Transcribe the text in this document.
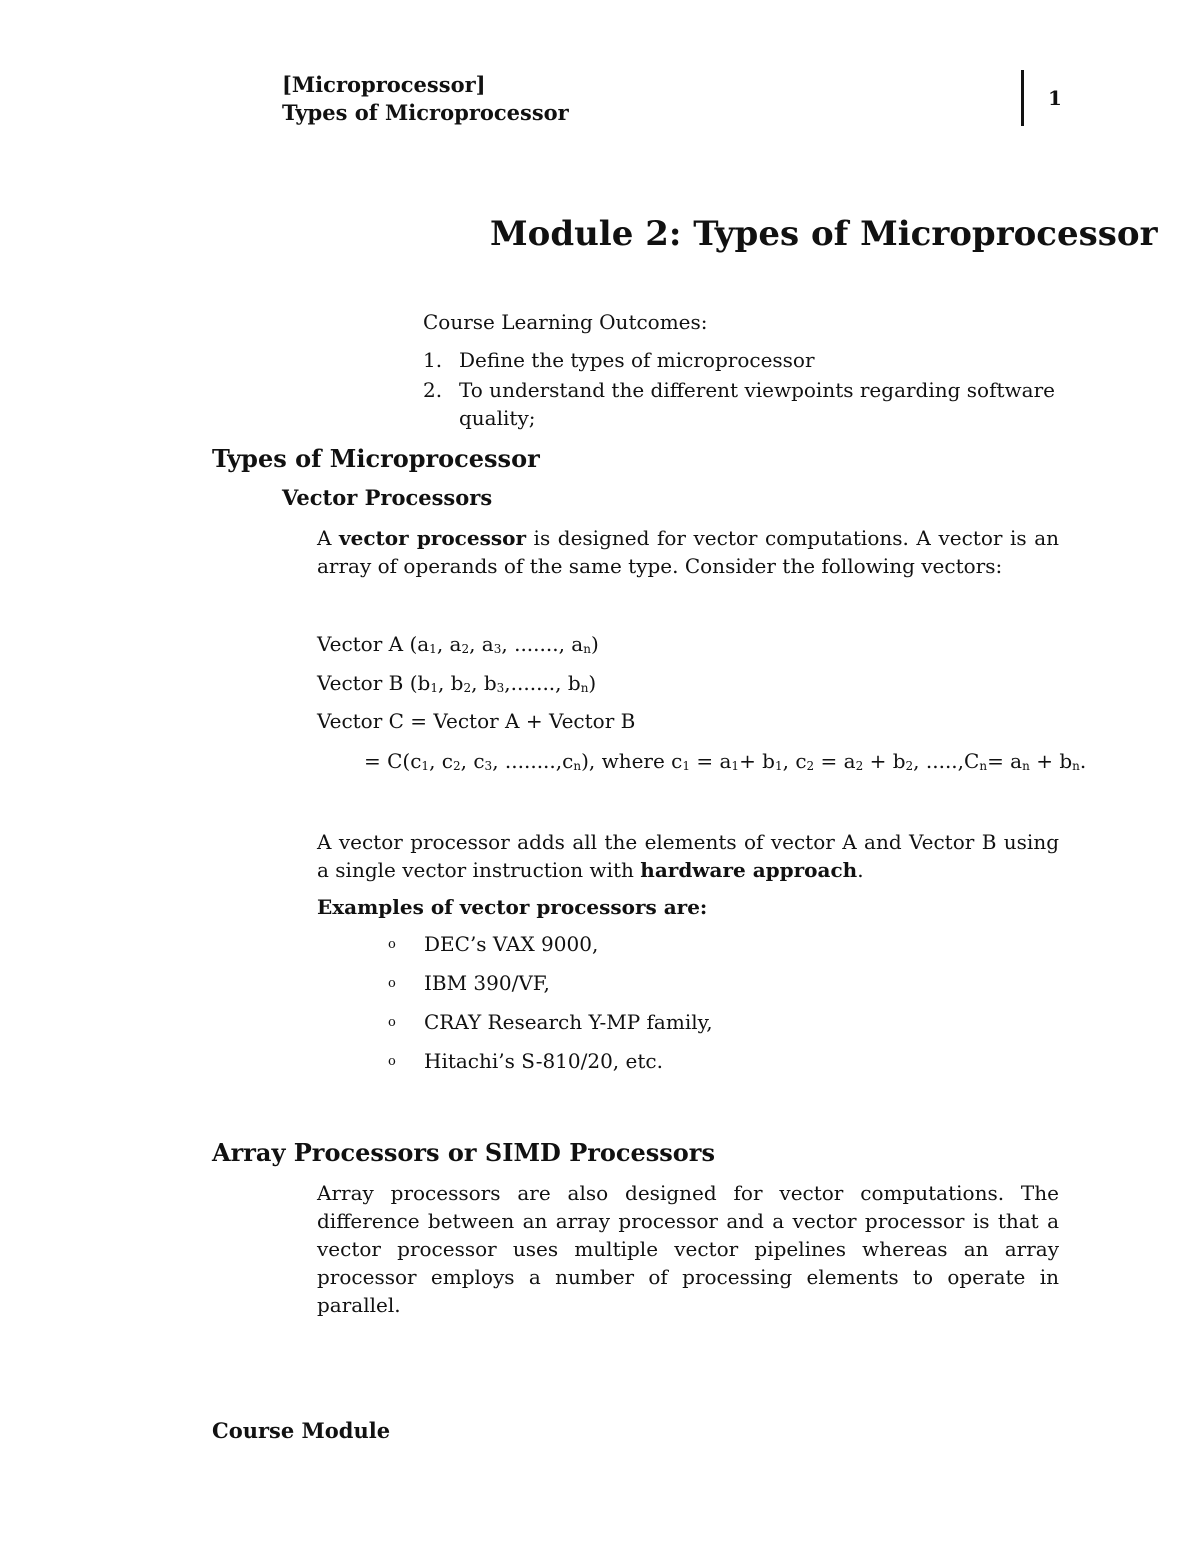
[Microprocessor]
Types of Microprocessor
1
Module 2: Types of Microprocessor
Course Learning Outcomes:
1. Define the types of microprocessor
2. To understand the different viewpoints regarding software quality;
Types of Microprocessor
Vector Processors
A vector processor is designed for vector computations. A vector is an array of operands of the same type. Consider the following vectors:
Vector A ($a_1$, $a_2$, $a_3$, ......., $a_n$)
Vector B ($b_1$, $b_2$, $b_3$,......., $b_n$)
Vector C = Vector A + Vector B
= $C(c_1$, $c_2$, $c_3$, $........,c_n$), where $c_1 = a_1+ b_1$, $c_2 = a_2 + b_2$, $.....,C_n= a_n + b_n$.
A vector processor adds all the elements of vector A and Vector B using a single vector instruction with hardware approach.
Examples of vector processors are:
o	DEC’s VAX 9000,
o	IBM 390/VF,
o	CRAY Research Y-MP family,
o	Hitachi’s S-810/20, etc.
Array Processors or SIMD Processors
Array processors are also designed for vector computations. The difference between an array processor and a vector processor is that a vector processor uses multiple vector pipelines whereas an array processor employs a number of processing elements to operate in parallel.
Course Module
